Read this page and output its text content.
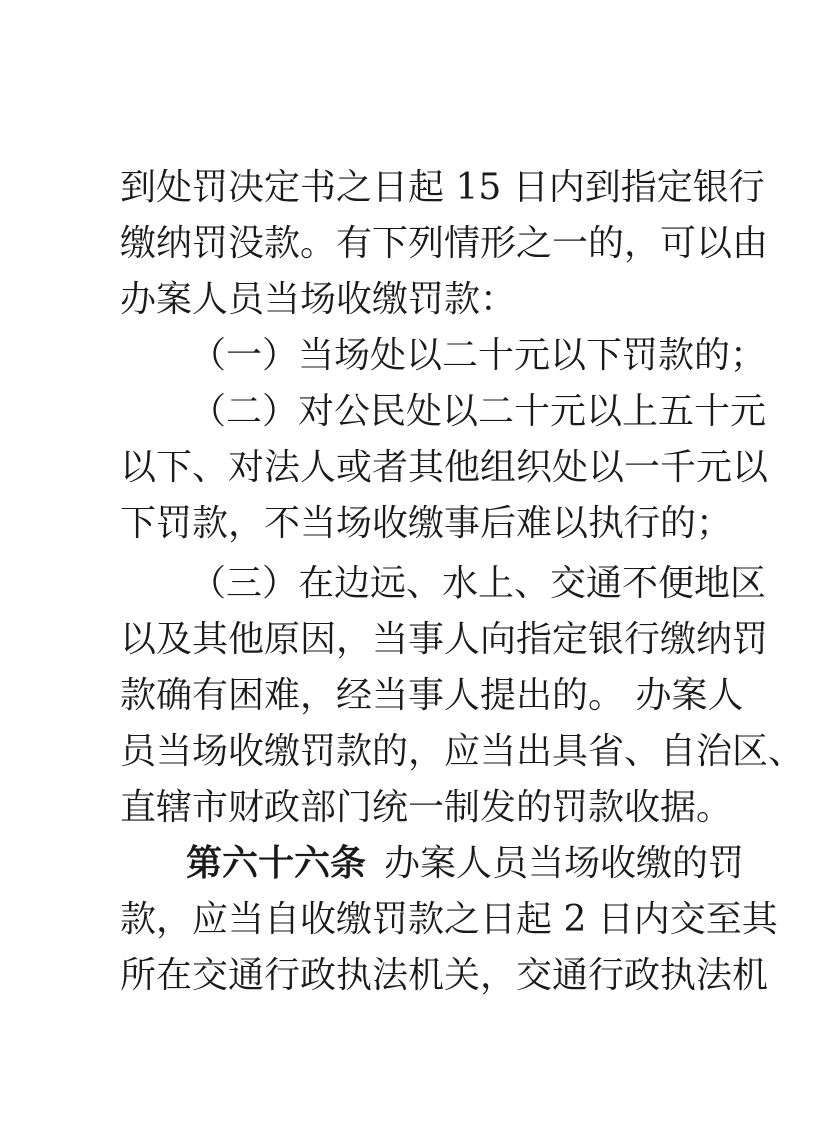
到处罚决定书之日起 15 日内到指定银行

缴纳罚没款。有下列情形之一的，可以由

办案人员当场收缴罚款：

（一）当场处以二十元以下罚款的；

（二）对公民处以二十元以上五十元

以下、对法人或者其他组织处以一千元以

下罚款，不当场收缴事后难以执行的；

（三）在边远、水上、交通不便地区

以及其他原因，当事人向指定银行缴纳罚

款确有困难，经当事人提出的。 办案人

员当场收缴罚款的，应当出具省、自治区、

直辖市财政部门统一制发的罚款收据。

第六十六条 办案人员当场收缴的罚

款，应当自收缴罚款之日起 2 日内交至其

所在交通行政执法机关，交通行政执法机
